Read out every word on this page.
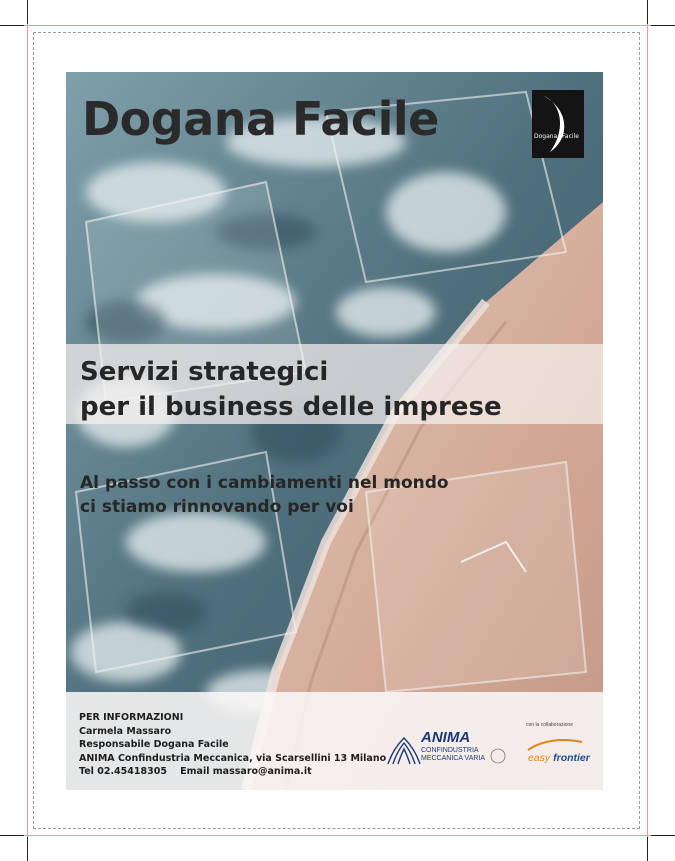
Dogana Facile	Dogana Facile

Servizi strategici
per il business delle imprese

Al passo con i cambiamenti nel mondo
ci stiamo rinnovando per voi

PER INFORMAZIONI
Carmela Massaro
Responsabile Dogana Facile
ANIMA Confindustria Meccanica, via Scarsellini 13 Milano
Tel 02.45418305    Email massaro@anima.it
ANIMA
CONFINDUSTRIA
MECCANICA VARIA
con la collaborazione
easy frontier
